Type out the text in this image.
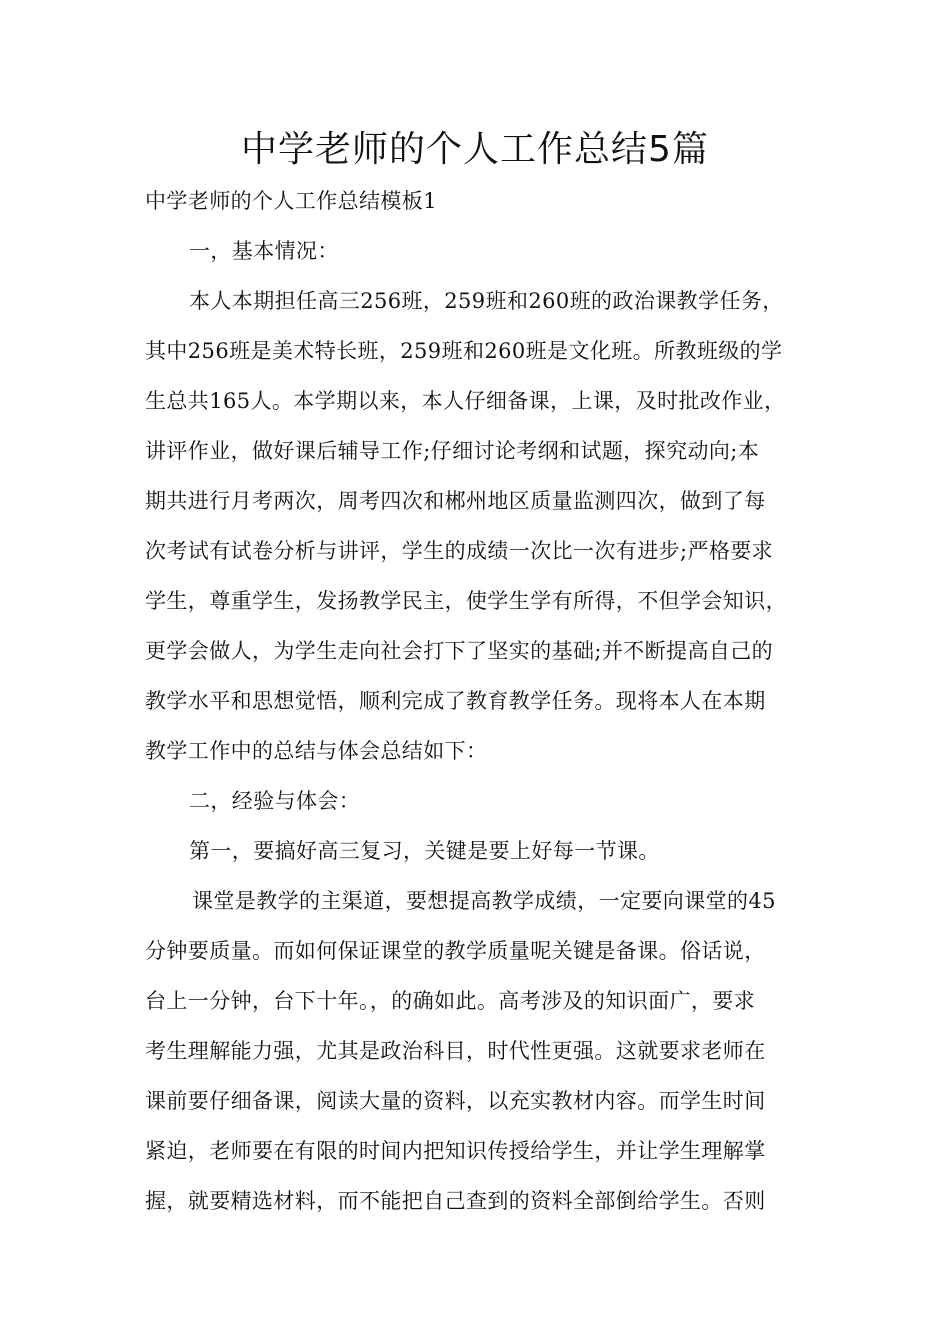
中学老师的个人工作总结5篇
中学老师的个人工作总结模板1
一，基本情况：
本人本期担任高三256班，259班和260班的政治课教学任务，
其中256班是美术特长班，259班和260班是文化班。所教班级的学
生总共165人。本学期以来，本人仔细备课，上课，及时批改作业，
讲评作业，做好课后辅导工作;仔细讨论考纲和试题，探究动向;本
期共进行月考两次，周考四次和郴州地区质量监测四次，做到了每
次考试有试卷分析与讲评，学生的成绩一次比一次有进步;严格要求
学生，尊重学生，发扬教学民主，使学生学有所得，不但学会知识，
更学会做人，为学生走向社会打下了坚实的基础;并不断提高自己的
教学水平和思想觉悟，顺利完成了教育教学任务。现将本人在本期
教学工作中的总结与体会总结如下：
二，经验与体会：
第一，要搞好高三复习，关键是要上好每一节课。
课堂是教学的主渠道，要想提高教学成绩，一定要向课堂的45
分钟要质量。而如何保证课堂的教学质量呢关键是备课。俗话说，
台上一分钟，台下十年。，的确如此。高考涉及的知识面广，要求
考生理解能力强，尤其是政治科目，时代性更强。这就要求老师在
课前要仔细备课，阅读大量的资料，以充实教材内容。而学生时间
紧迫，老师要在有限的时间内把知识传授给学生，并让学生理解掌
握，就要精选材料，而不能把自己查到的资料全部倒给学生。否则
